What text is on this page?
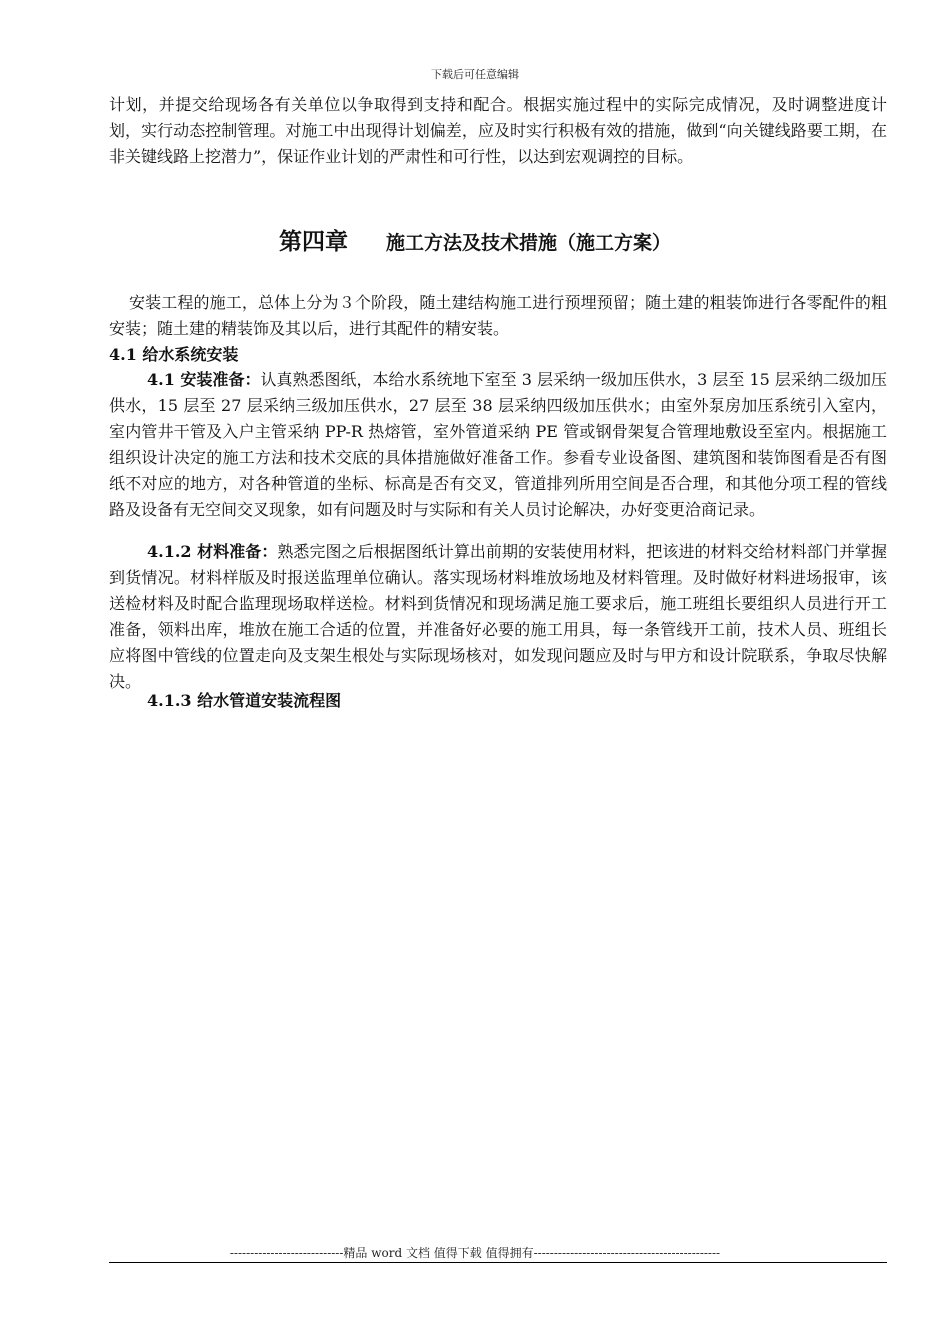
下载后可任意编辑

计划，并提交给现场各有关单位以争取得到支持和配合。根据实施过程中的实际完成情况，及时调整进度计划，实行动态控制管理。对施工中出现得计划偏差，应及时实行积极有效的措施，做到“向关键线路要工期，在非关键线路上挖潜力”，保证作业计划的严肃性和可行性，以达到宏观调控的目标。

第四章 施工方法及技术措施（施工方案）

安装工程的施工，总体上分为３个阶段，随土建结构施工进行预埋预留；随土建的粗装饰进行各零配件的粗安装；随土建的精装饰及其以后，进行其配件的精安装。

4.1 给水系统安装

4.1 安装准备：认真熟悉图纸，本给水系统地下室至 3 层采纳一级加压供水，3 层至 15 层采纳二级加压供水，15 层至 27 层采纳三级加压供水，27 层至 38 层采纳四级加压供水；由室外泵房加压系统引入室内，室内管井干管及入户主管采纳 PP-R 热熔管，室外管道采纳 PE 管或钢骨架复合管理地敷设至室内。根据施工组织设计决定的施工方法和技术交底的具体措施做好准备工作。参看专业设备图、建筑图和装饰图看是否有图纸不对应的地方，对各种管道的坐标、标高是否有交叉，管道排列所用空间是否合理，和其他分项工程的管线路及设备有无空间交叉现象，如有问题及时与实际和有关人员讨论解决，办好变更洽商记录。

4.1.2 材料准备：熟悉完图之后根据图纸计算出前期的安装使用材料，把该进的材料交给材料部门并掌握到货情况。材料样版及时报送监理单位确认。落实现场材料堆放场地及材料管理。及时做好材料进场报审，该送检材料及时配合监理现场取样送检。材料到货情况和现场满足施工要求后，施工班组长要组织人员进行开工准备，领料出库，堆放在施工合适的位置，并准备好必要的施工用具，每一条管线开工前，技术人员、班组长应将图中管线的位置走向及支架生根处与实际现场核对，如发现问题应及时与甲方和设计院联系，争取尽快解决。

4.1.3 给水管道安装流程图
----------------------------精品 word 文档 值得下载 值得拥有----------------------------------------------
